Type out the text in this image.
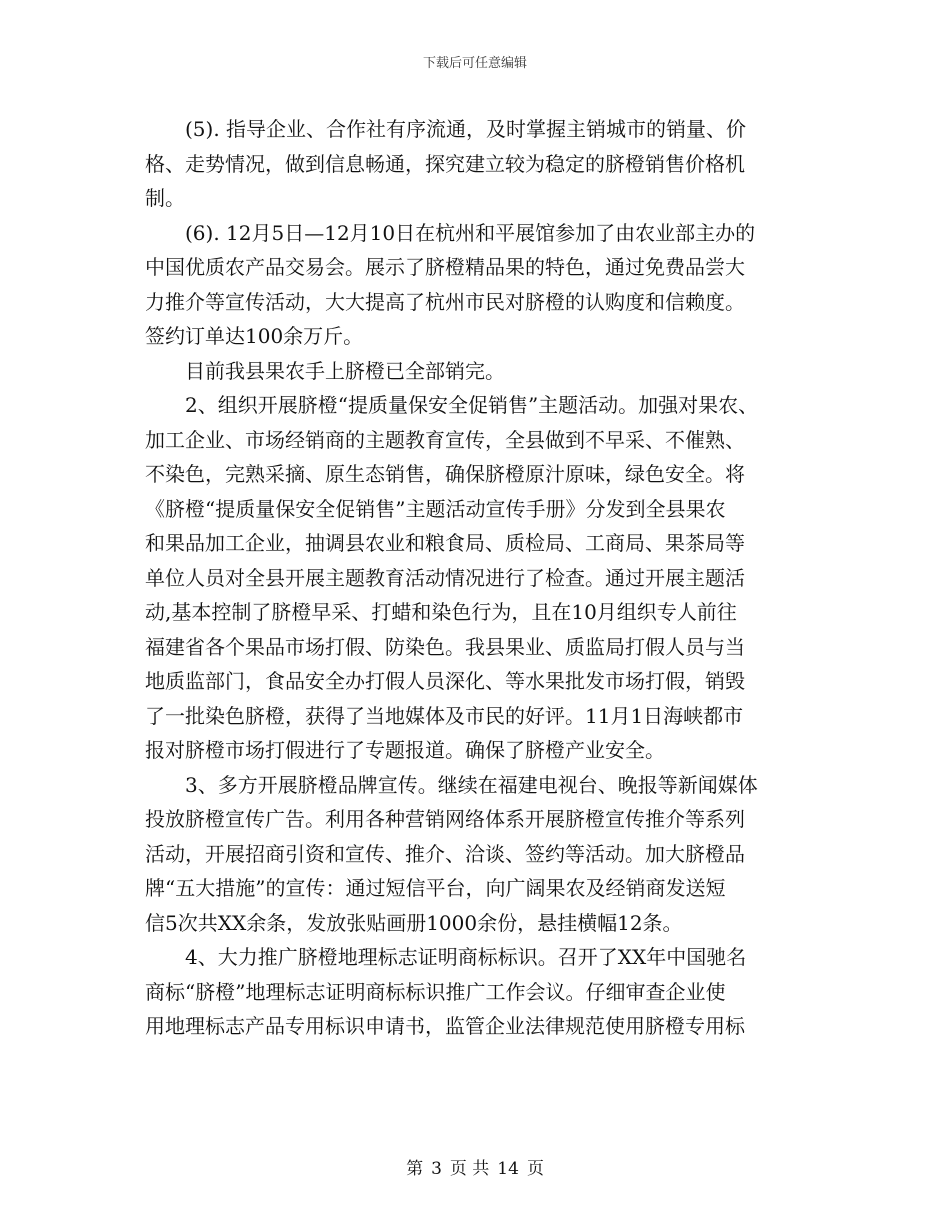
下载后可任意编辑
(5). 指导企业、合作社有序流通，及时掌握主销城市的销量、价
格、走势情况，做到信息畅通，探究建立较为稳定的脐橙销售价格机
制。
(6). 12月5日—12月10日在杭州和平展馆参加了由农业部主办的
中国优质农产品交易会。展示了脐橙精品果的特色，通过免费品尝大
力推介等宣传活动，大大提高了杭州市民对脐橙的认购度和信赖度。
签约订单达100余万斤。
目前我县果农手上脐橙已全部销完。
2、组织开展脐橙“提质量保安全促销售”主题活动。加强对果农、
加工企业、市场经销商的主题教育宣传，全县做到不早采、不催熟、
不染色，完熟采摘、原生态销售，确保脐橙原汁原味，绿色安全。将
《脐橙“提质量保安全促销售”主题活动宣传手册》分发到全县果农
和果品加工企业，抽调县农业和粮食局、质检局、工商局、果茶局等
单位人员对全县开展主题教育活动情况进行了检查。通过开展主题活
动,基本控制了脐橙早采、打蜡和染色行为，且在10月组织专人前往
福建省各个果品市场打假、防染色。我县果业、质监局打假人员与当
地质监部门，食品安全办打假人员深化、等水果批发市场打假，销毁
了一批染色脐橙，获得了当地媒体及市民的好评。11月1日海峡都市
报对脐橙市场打假进行了专题报道。确保了脐橙产业安全。
3、多方开展脐橙品牌宣传。继续在福建电视台、晚报等新闻媒体
投放脐橙宣传广告。利用各种营销网络体系开展脐橙宣传推介等系列
活动，开展招商引资和宣传、推介、洽谈、签约等活动。加大脐橙品
牌“五大措施”的宣传：通过短信平台，向广阔果农及经销商发送短
信5次共XX余条，发放张贴画册1000余份，悬挂横幅12条。
4、大力推广脐橙地理标志证明商标标识。召开了XX年中国驰名
商标“脐橙”地理标志证明商标标识推广工作会议。仔细审查企业使
用地理标志产品专用标识申请书，监管企业法律规范使用脐橙专用标
第 3 页 共 14 页
